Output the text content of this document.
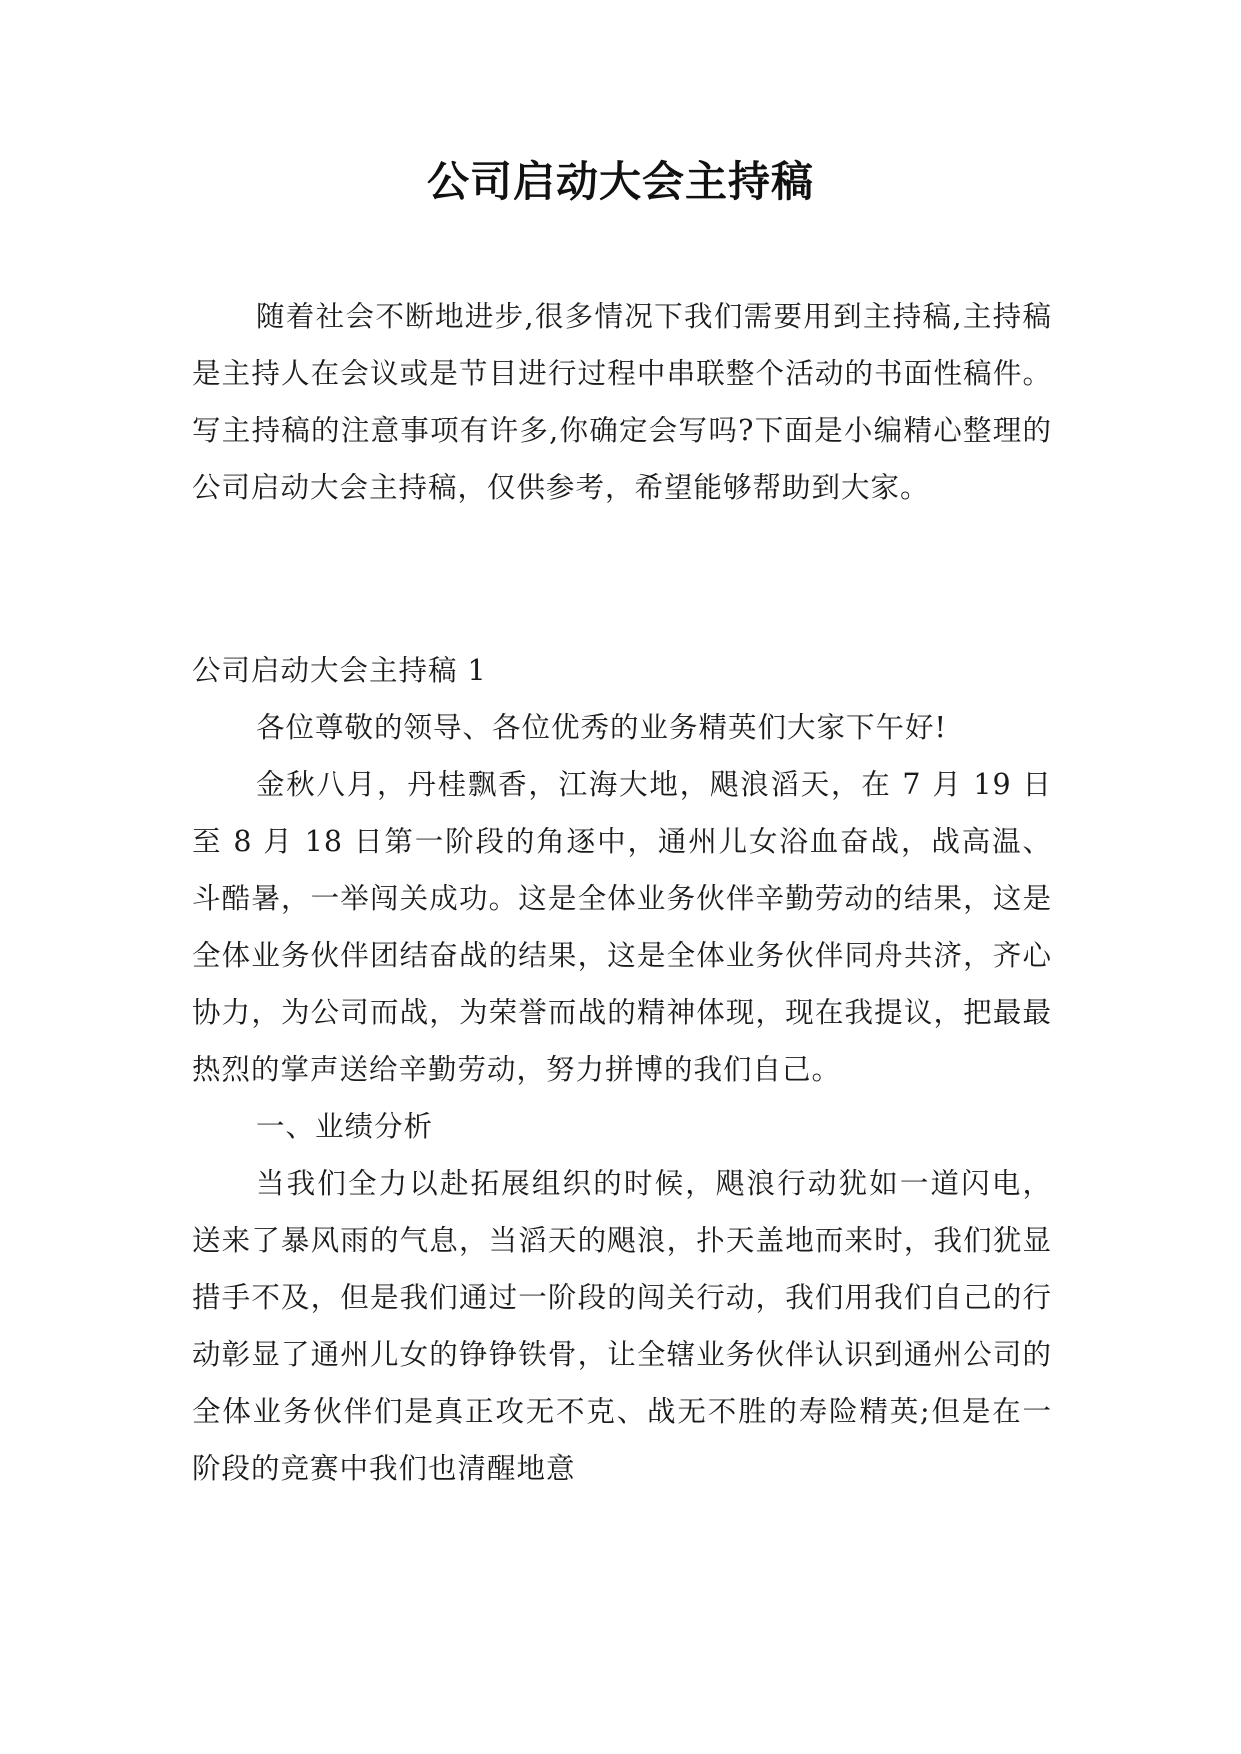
公司启动大会主持稿

随着社会不断地进步,很多情况下我们需要用到主持稿,主持稿是主持人在会议或是节目进行过程中串联整个活动的书面性稿件。写主持稿的注意事项有许多,你确定会写吗?下面是小编精心整理的公司启动大会主持稿，仅供参考，希望能够帮助到大家。

公司启动大会主持稿 1

各位尊敬的领导、各位优秀的业务精英们大家下午好!

金秋八月，丹桂飘香，江海大地，飓浪滔天，在 7 月 19 日至 8 月 18 日第一阶段的角逐中，通州儿女浴血奋战，战高温、斗酷暑，一举闯关成功。这是全体业务伙伴辛勤劳动的结果，这是全体业务伙伴团结奋战的结果，这是全体业务伙伴同舟共济，齐心协力，为公司而战，为荣誉而战的精神体现，现在我提议，把最最热烈的掌声送给辛勤劳动，努力拼博的我们自己。

一、业绩分析

当我们全力以赴拓展组织的时候，飓浪行动犹如一道闪电，送来了暴风雨的气息，当滔天的飓浪，扑天盖地而来时，我们犹显措手不及，但是我们通过一阶段的闯关行动，我们用我们自己的行动彰显了通州儿女的铮铮铁骨，让全辖业务伙伴认识到通州公司的全体业务伙伴们是真正攻无不克、战无不胜的寿险精英;但是在一阶段的竞赛中我们也清醒地意
